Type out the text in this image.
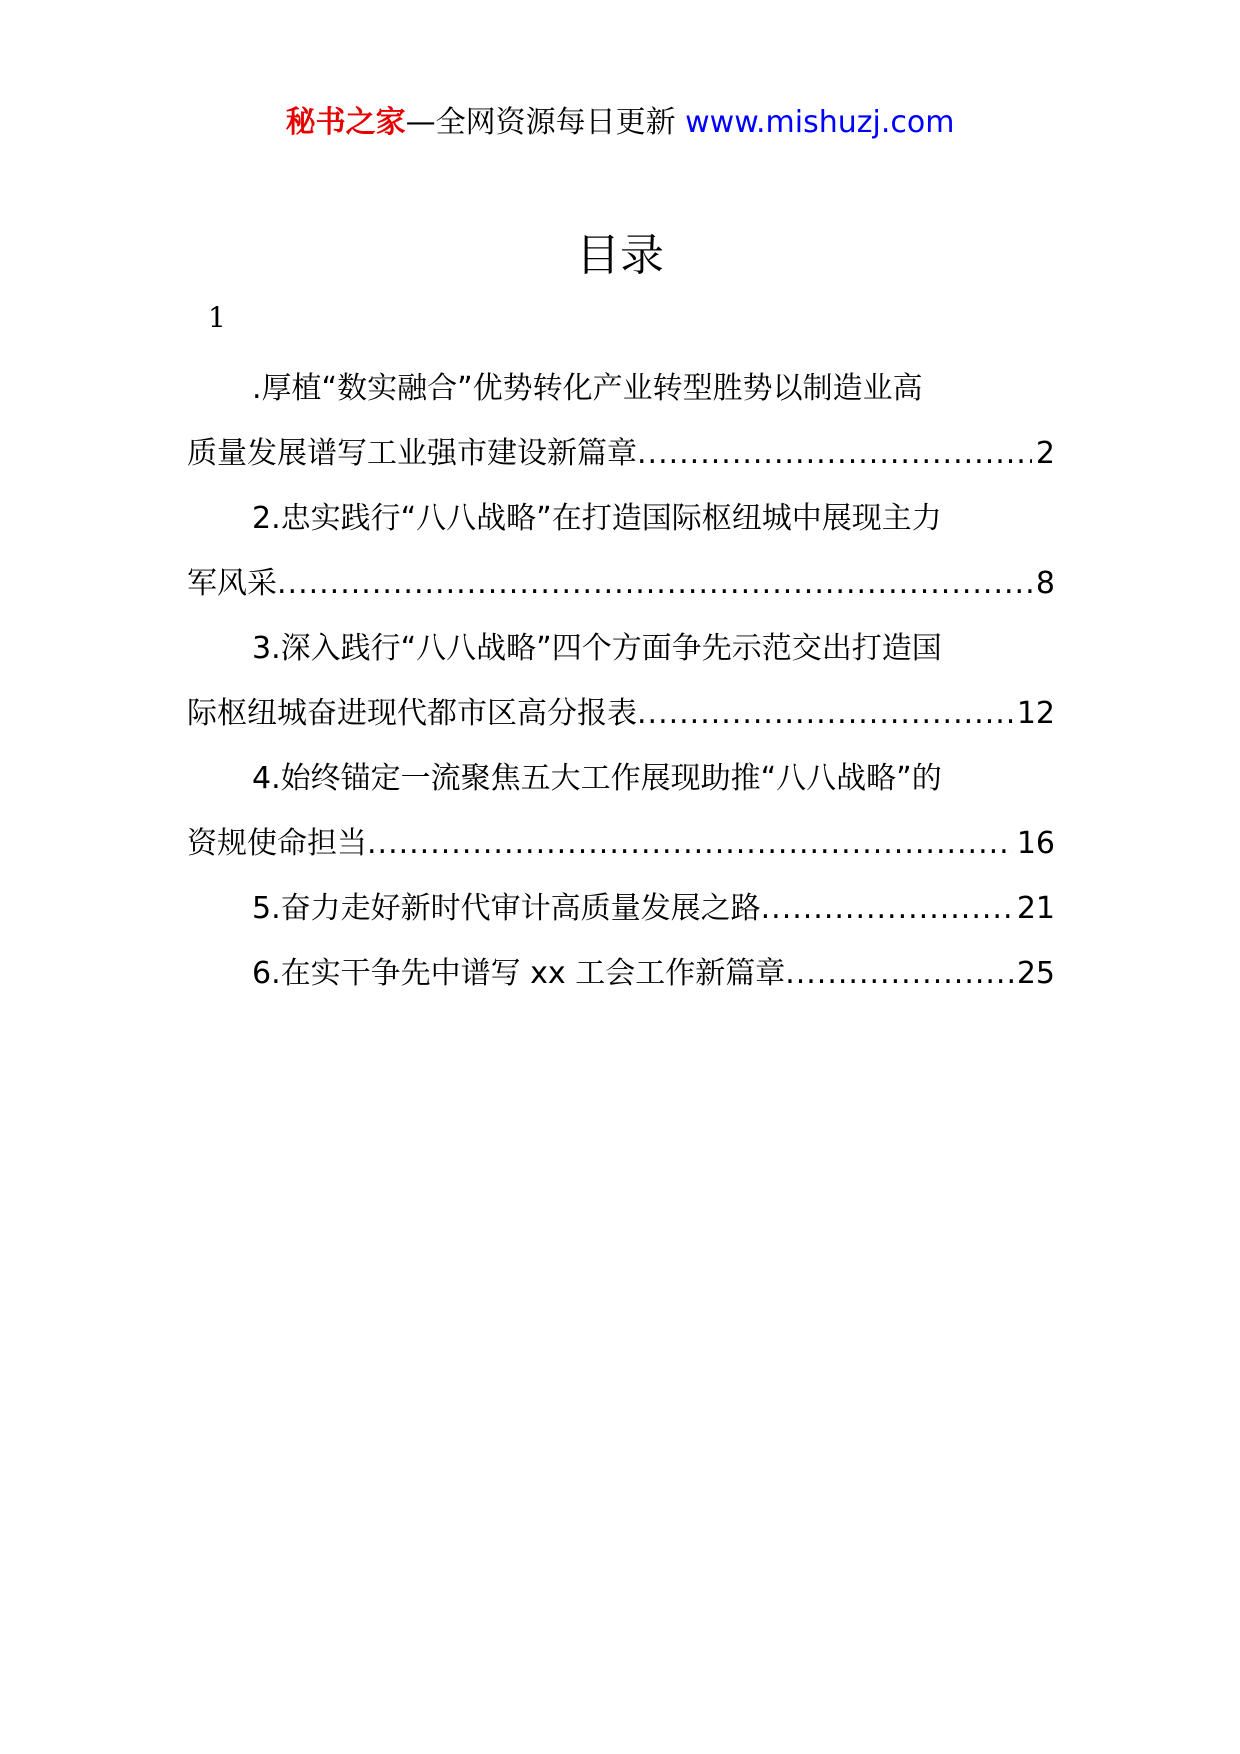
秘书之家—全网资源每日更新 www.mishuzj.com
目录
1
.厚植“数实融合”优势转化产业转型胜势以制造业高
质量发展谱写工业强市建设新篇章 .....	2
2.忠实践行“八八战略”在打造国际枢纽城中展现主力
军风采 .....	8
3.深入践行“八八战略”四个方面争先示范交出打造国
际枢纽城奋进现代都市区高分报表 .....	12
4.始终锚定一流聚焦五大工作展现助推“八八战略”的
资规使命担当 .....	16
5.奋力走好新时代审计高质量发展之路 .....	21
6.在实干争先中谱写 xx 工会工作新篇章 .....	25
